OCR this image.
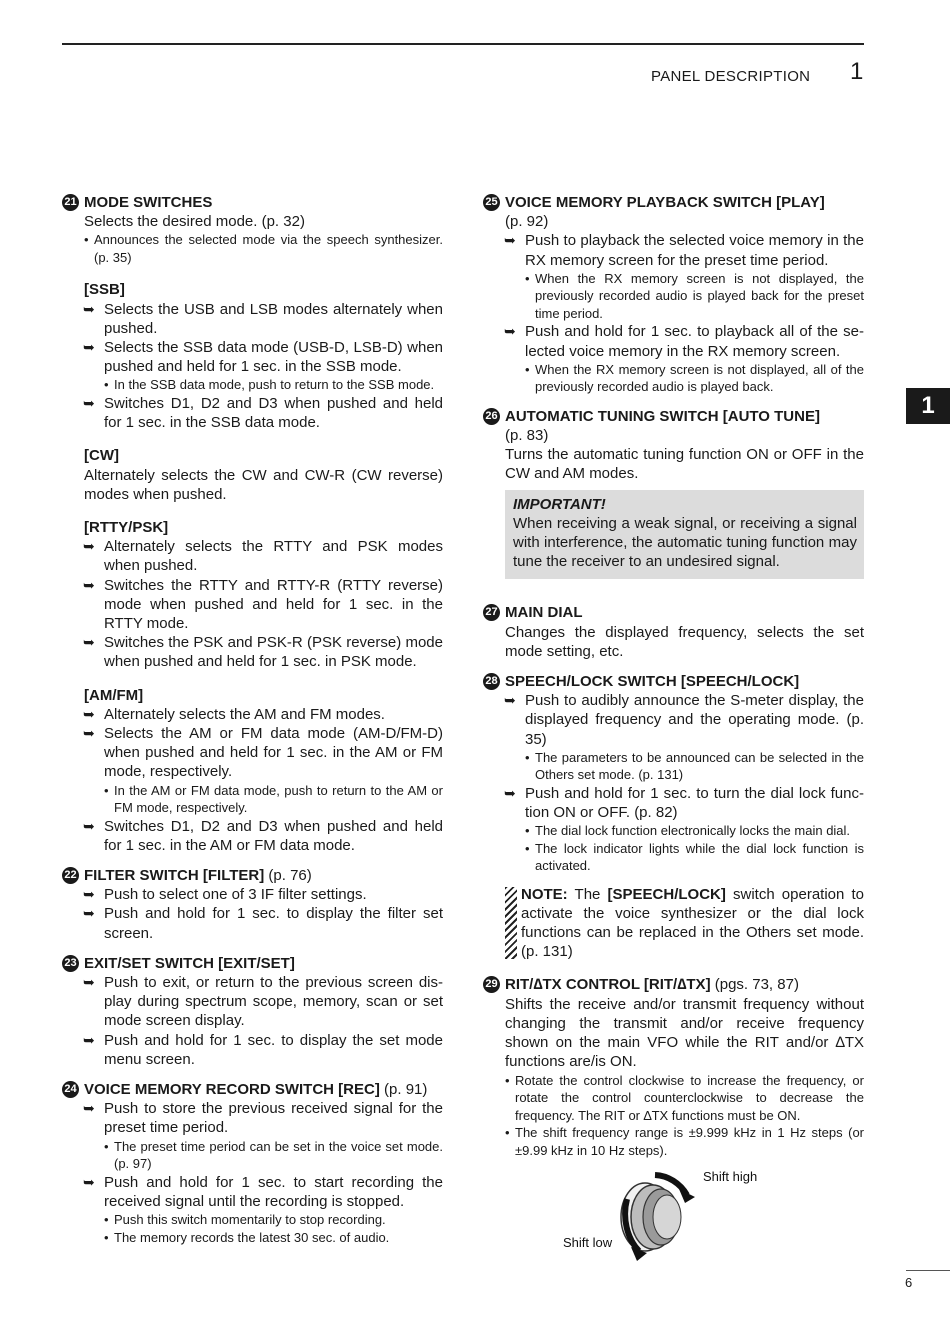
PANEL DESCRIPTION 1
1
21 MODE SWITCHES
Selects the desired mode. (p. 32)
• Announces the selected mode via the speech synthesizer. (p. 35)
[SSB]
➥ Selects the USB and LSB modes alternately when pushed.
➥ Selects the SSB data mode (USB-D, LSB-D) when pushed and held for 1 sec. in the SSB mode.
• In the SSB data mode, push to return to the SSB mode.
➥ Switches D1, D2 and D3 when pushed and held for 1 sec. in the SSB data mode.
[CW]
Alternately selects the CW and CW-R (CW reverse) modes when pushed.
[RTTY/PSK]
➥ Alternately selects the RTTY and PSK modes when pushed.
➥ Switches the RTTY and RTTY-R (RTTY reverse) mode when pushed and held for 1 sec. in the RTTY mode.
➥ Switches the PSK and PSK-R (PSK reverse) mode when pushed and held for 1 sec. in PSK mode.
[AM/FM]
➥ Alternately selects the AM and FM modes.
➥ Selects the AM or FM data mode (AM-D/FM-D) when pushed and held for 1 sec. in the AM or FM mode, respectively.
• In the AM or FM data mode, push to return to the AM or FM mode, respectively.
➥ Switches D1, D2 and D3 when pushed and held for 1 sec. in the AM or FM data mode.
22 FILTER SWITCH [FILTER] (p. 76)
➥ Push to select one of 3 IF filter settings.
➥ Push and hold for 1 sec. to display the filter set screen.
23 EXIT/SET SWITCH [EXIT/SET]
➥ Push to exit, or return to the previous screen display during spectrum scope, memory, scan or set mode screen display.
➥ Push and hold for 1 sec. to display the set mode menu screen.
24 VOICE MEMORY RECORD SWITCH [REC] (p. 91)
➥ Push to store the previous received signal for the preset time period.
• The preset time period can be set in the voice set mode. (p. 97)
➥ Push and hold for 1 sec. to start recording the received signal until the recording is stopped.
• Push this switch momentarily to stop recording.
• The memory records the latest 30 sec. of audio.
25 VOICE MEMORY PLAYBACK SWITCH [PLAY]
(p. 92)
➥ Push to playback the selected voice memory in the RX memory screen for the preset time period.
• When the RX memory screen is not displayed, the previously recorded audio is played back for the preset time period.
➥ Push and hold for 1 sec. to playback all of the selected voice memory in the RX memory screen.
• When the RX memory screen is not displayed, all of the previously recorded audio is played back.
26 AUTOMATIC TUNING SWITCH [AUTO TUNE]
(p. 83)
Turns the automatic tuning function ON or OFF in the CW and AM modes.
IMPORTANT!
When receiving a weak signal, or receiving a signal with interference, the automatic tuning function may tune the receiver to an undesired signal.
27 MAIN DIAL
Changes the displayed frequency, selects the set mode setting, etc.
28 SPEECH/LOCK SWITCH [SPEECH/LOCK]
➥ Push to audibly announce the S-meter display, the displayed frequency and the operating mode. (p. 35)
• The parameters to be announced can be selected in the Others set mode. (p. 131)
➥ Push and hold for 1 sec. to turn the dial lock function ON or OFF. (p. 82)
• The dial lock function electronically locks the main dial.
• The lock indicator lights while the dial lock function is activated.
NOTE: The [SPEECH/LOCK] switch operation to activate the voice synthesizer or the dial lock functions can be replaced in the Others set mode. (p. 131)
29 RIT/∆TX CONTROL [RIT/∆TX] (pgs. 73, 87)
Shifts the receive and/or transmit frequency without changing the transmit and/or receive frequency shown on the main VFO while the RIT and/or ∆TX functions are/is ON.
• Rotate the control clockwise to increase the frequency, or rotate the control counterclockwise to decrease the frequency. The RIT or ∆TX functions must be ON.
• The shift frequency range is ±9.999 kHz in 1 Hz steps (or ±9.99 kHz in 10 Hz steps).
Shift high
Shift low
6
